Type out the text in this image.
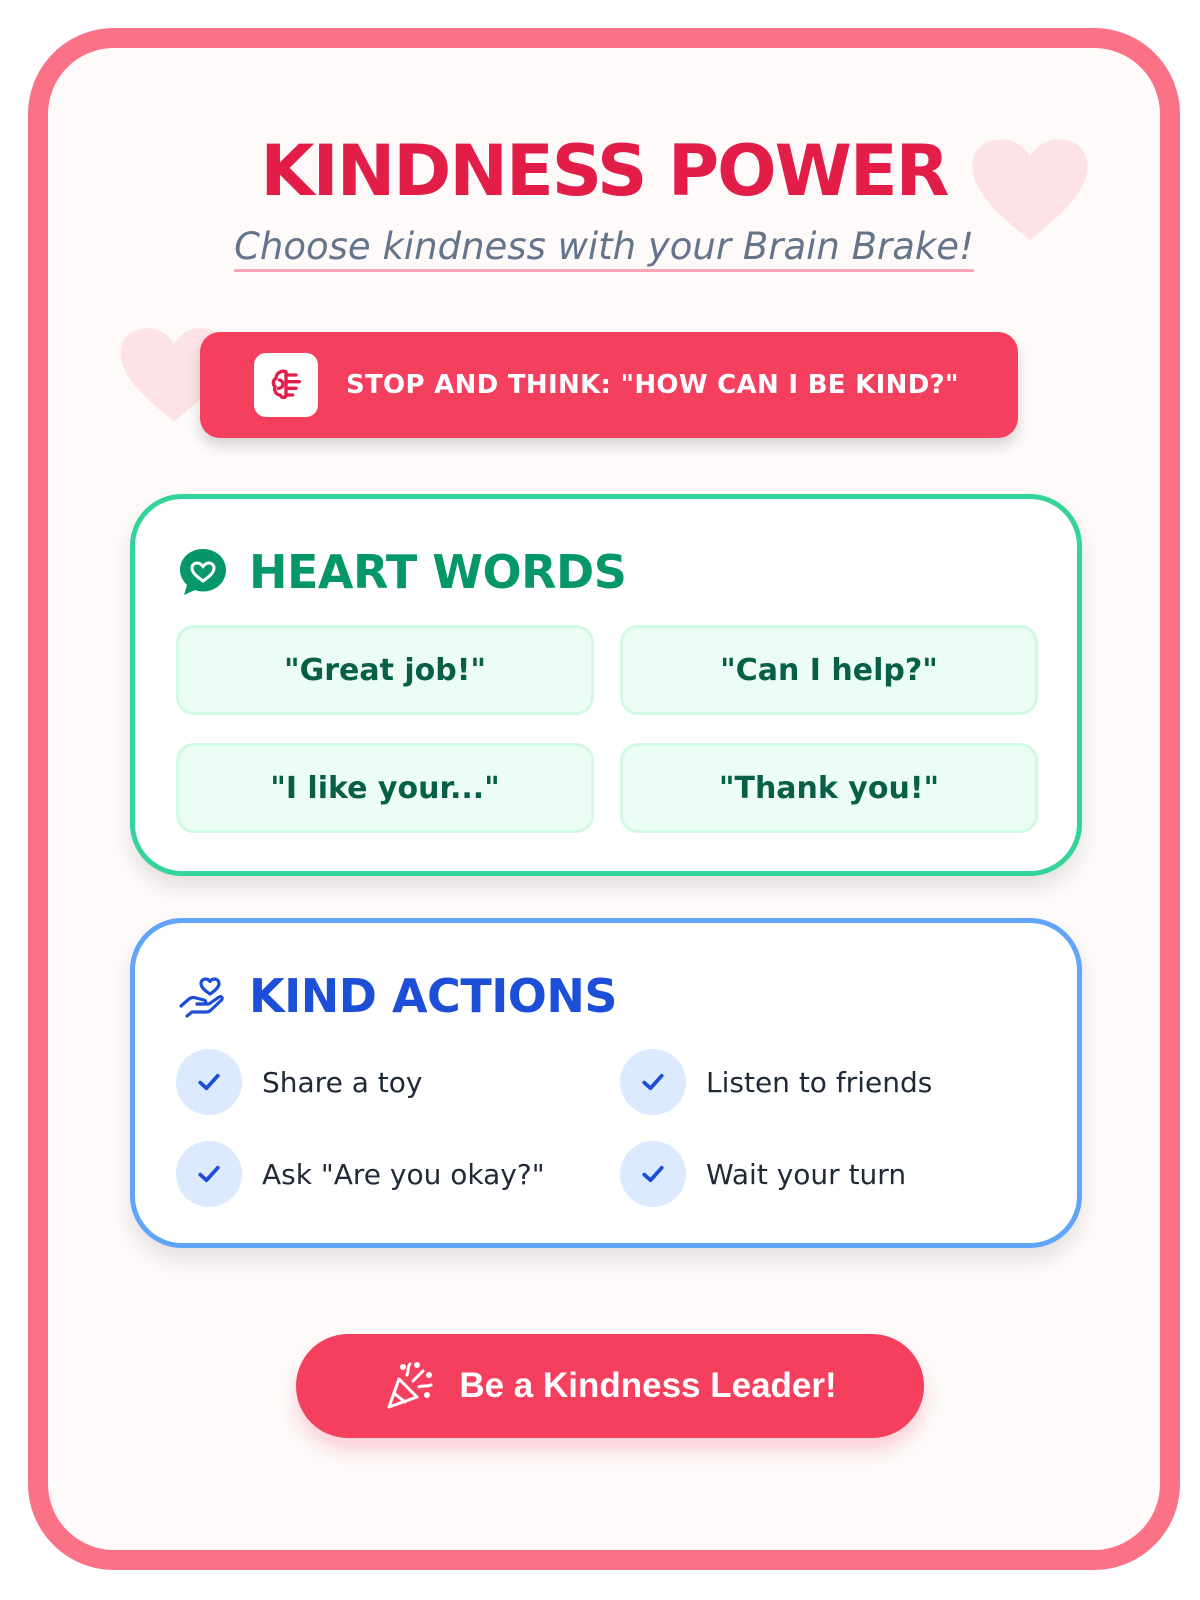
KINDNESS POWER
Choose kindness with your Brain Brake!
STOP AND THINK: "HOW CAN I BE KIND?"
HEART WORDS
"Great job!"	"Can I help?"
"I like your..."	"Thank you!"
KIND ACTIONS
Share a toy	Listen to friends
Ask "Are you okay?"	Wait your turn
Be a Kindness Leader!
